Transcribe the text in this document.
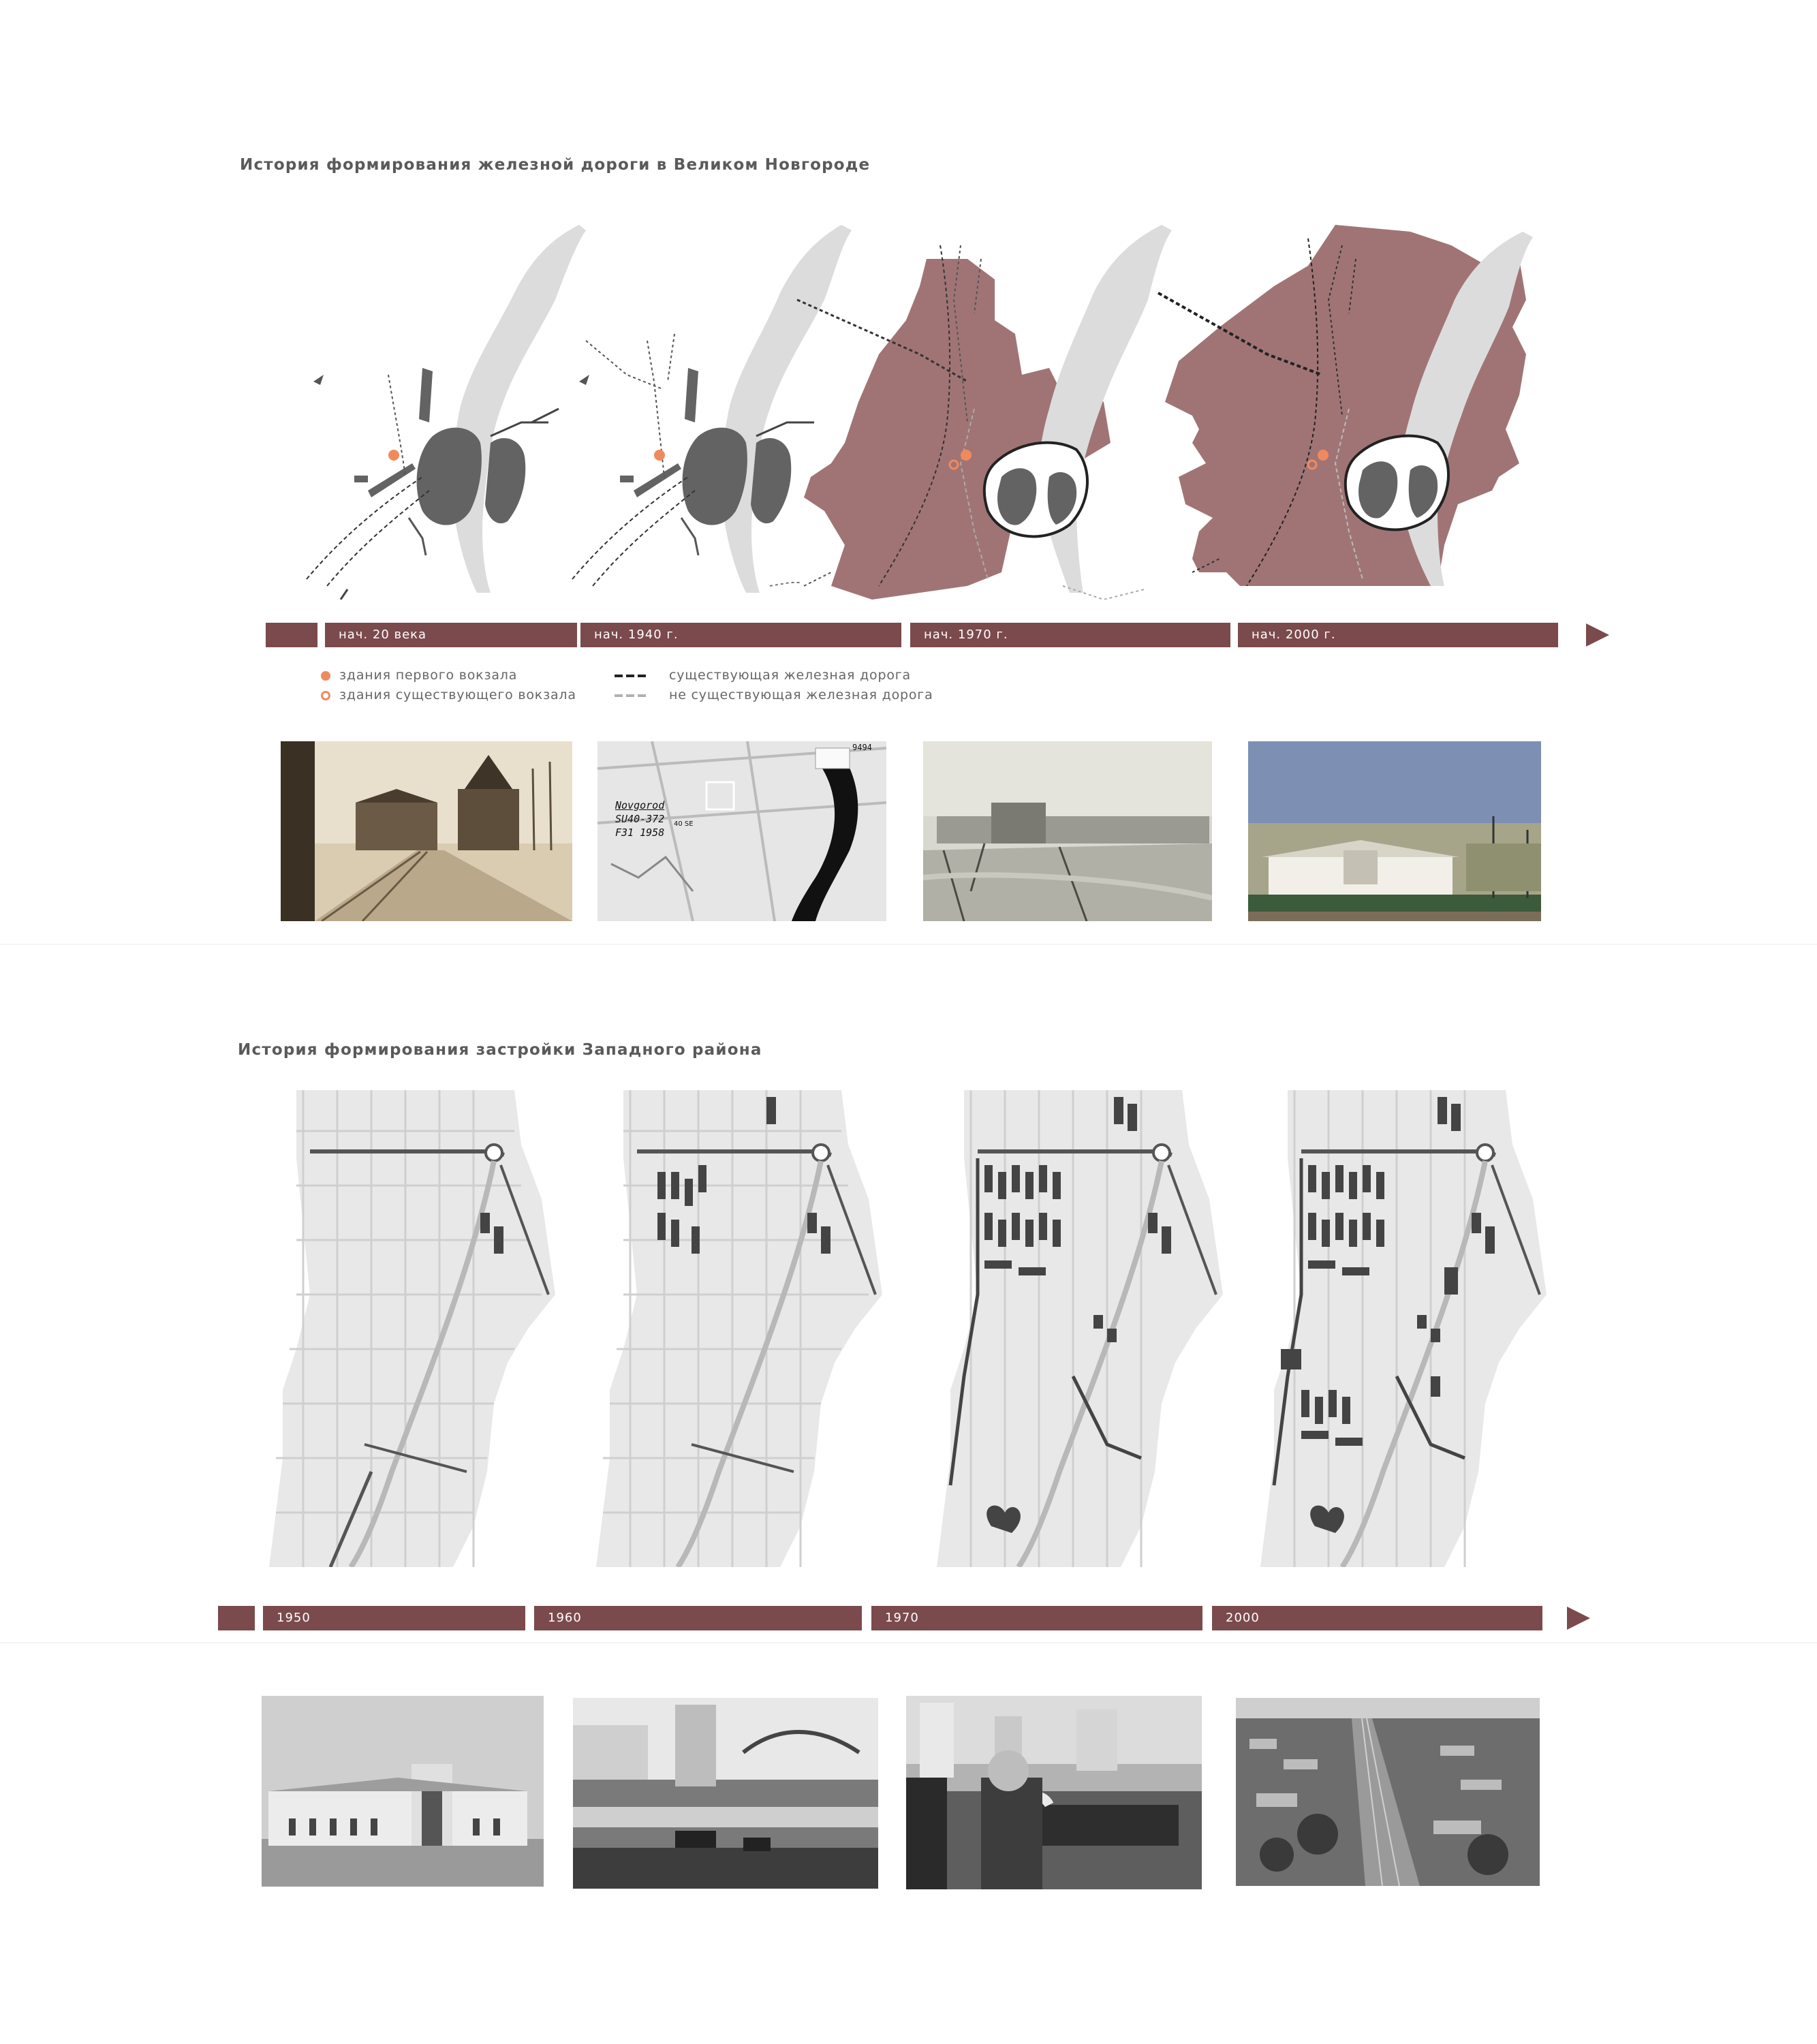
История формирования железной дороги в Великом Новгороде
нач. 20 века	нач. 1940 г.	нач. 1970 г.	нач. 2000 г.
здания первого вокзала
здания существующего вокзала
существующая железная дорога
не существующая железная дорога
Novgorod
SU40-372
F31 1958
9494
40 SE
История формирования застройки Западного района
1950	1960	1970	2000
